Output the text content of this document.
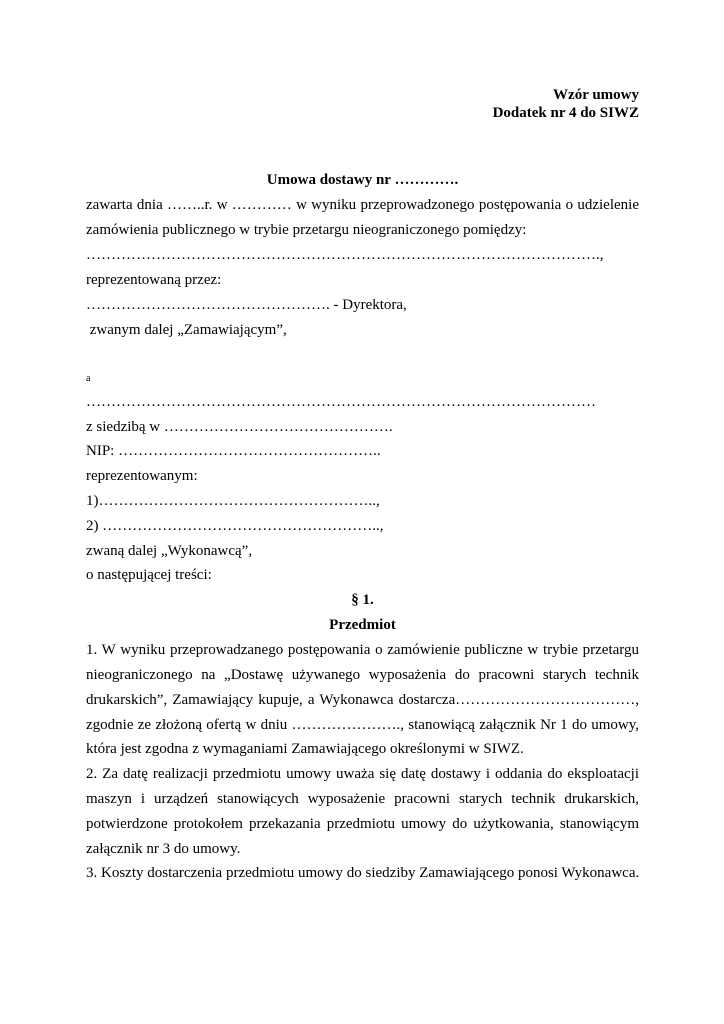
Wzór umowy
Dodatek nr 4 do SIWZ
Umowa dostawy nr ………….
zawarta dnia ……..r. w ………… w wyniku przeprowadzonego postępowania o udzielenie
zamówienia publicznego w trybie przetargu nieograniczonego pomiędzy:
………………………………………………………………………………………….,
reprezentowaną przez:
…………………………………………. - Dyrektora,
zwanym dalej „Zamawiającym”,
a
…………………………………………………………………………………………
z siedzibą w ……………………………………….
NIP: ……………………………………………..
reprezentowanym:
1)………………………………………………..,
2) ………………………………………………..,
zwaną dalej „Wykonawcą”,
o następującej treści:
§ 1.
Przedmiot
1. W wyniku przeprowadzanego postępowania o zamówienie publiczne w trybie przetargu
nieograniczonego na „Dostawę używanego wyposażenia do pracowni starych technik
drukarskich”, Zamawiający kupuje, a Wykonawca dostarcza………………………………,
zgodnie ze złożoną ofertą w dniu …………………., stanowiącą załącznik Nr 1 do umowy,
która jest zgodna z wymaganiami Zamawiającego określonymi w SIWZ.
2. Za datę realizacji przedmiotu umowy uważa się datę dostawy i oddania do eksploatacji
maszyn i urządzeń stanowiących wyposażenie pracowni starych technik drukarskich,
potwierdzone protokołem przekazania przedmiotu umowy do użytkowania, stanowiącym
załącznik nr 3 do umowy.
3. Koszty dostarczenia przedmiotu umowy do siedziby Zamawiającego ponosi Wykonawca.
